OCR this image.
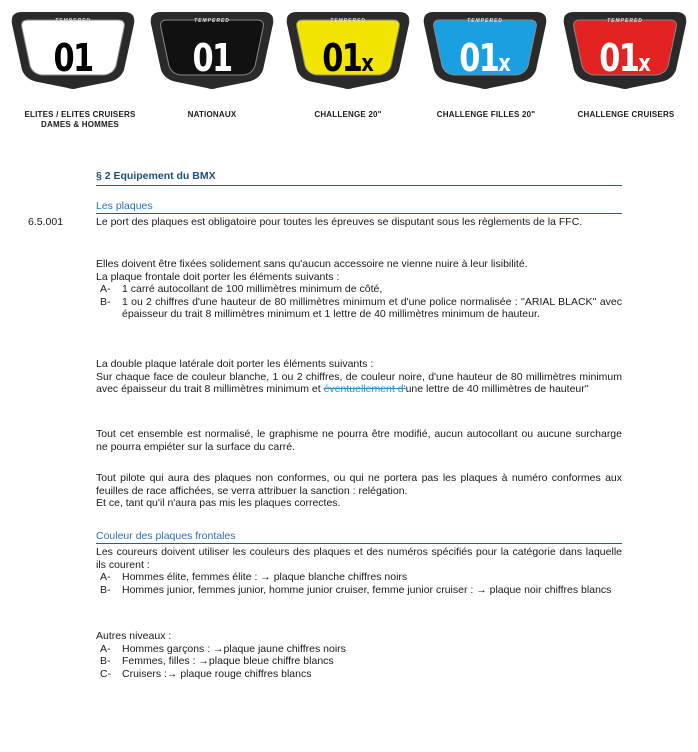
TEMPERED
01
TEMPERED
01
TEMPERED
01x
TEMPERED
01x
TEMPERED
01x
ELITES / ELITES CRUISERS
DAMES & HOMMES
NATIONAUX	CHALLENGE 20"	CHALLENGE FILLES 20"	CHALLENGE CRUISERS
§ 2 Equipement du BMX
Les plaques
6.5.001	Le port des plaques est obligatoire pour toutes les épreuves se disputant sous les règlements de la FFC.

Elles doivent être fixées solidement sans qu'aucun accessoire ne vienne nuire à leur lisibilité.

La plaque frontale doit porter les éléments suivants :

A- 1 carré autocollant de 100 millimètres minimum de côté,
B- 1 ou 2 chiffres d'une hauteur de 80 millimètres minimum et d'une police normalisée : ''ARIAL BLACK'' avec épaisseur du trait 8 millimètres minimum et 1 lettre de 40 millimètres minimum de hauteur.

La double plaque latérale doit porter les éléments suivants :

Sur chaque face de couleur blanche, 1 ou 2 chiffres, de couleur noire, d'une hauteur de 80 millimètres minimum avec épaisseur du trait 8 millimètres minimum et éventuellement d'une lettre de 40 millimètres de hauteur''

Tout cet ensemble est normalisé, le graphisme ne pourra être modifié, aucun autocollant ou aucune surcharge ne pourra empiéter sur la surface du carré.

Tout pilote qui aura des plaques non conformes, ou qui ne portera pas les plaques à numéro conformes aux feuilles de race affichées, se verra attribuer la sanction : relégation.

Et ce, tant qu'il n'aura pas mis les plaques correctes.

Couleur des plaques frontales

Les coureurs doivent utiliser les couleurs des plaques et des numéros spécifiés pour la catégorie dans laquelle ils courent :

A- Hommes élite, femmes élite : → plaque blanche chiffres noirs
B- Hommes junior, femmes junior, homme junior cruiser, femme junior cruiser : → plaque noir chiffres blancs

Autres niveaux :

A- Hommes garçons : →plaque jaune chiffres noirs
B- Femmes, filles : →plaque bleue chiffre blancs
C- Cruisers :→ plaque rouge chiffres blancs
